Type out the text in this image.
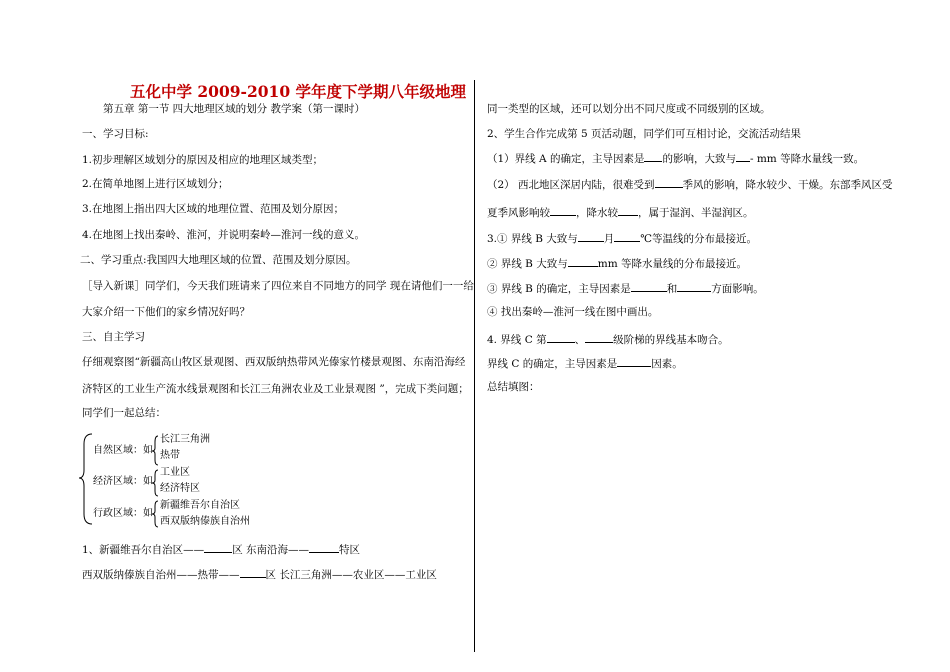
五化中学 2009-2010 学年度下学期八年级地理
第五章 第一节 四大地理区域的划分 教学案（第一课时）
一、学习目标:
1.初步理解区域划分的原因及相应的地理区域类型；
2.在简单地图上进行区域划分；
3.在地图上指出四大区域的地理位置、范围及划分原因；
4.在地图上找出秦岭、淮河，并说明秦岭—淮河一线的意义。
二、学习重点:我国四大地理区域的位置、范围及划分原因。
［导入新课］同学们，今天我们班请来了四位来自不同地方的同学 现在请他们一一给
大家介绍一下他们的家乡情况好吗？
三、自主学习
仔细观察图“新疆高山牧区景观图、西双版纳热带风光傣家竹楼景观图、东南沿海经
济特区的工业生产流水线景观图和长江三角洲农业及工业景观图 ”，完成下类问题；
同学们一起总结：
自然区域：如
经济区域：如
行政区域：如
长江三角洲
热带
工业区
经济特区
新疆维吾尔自治区
西双版纳傣族自治州
1、新疆维吾尔自治区——	区 东南沿海——	特区
西双版纳傣族自治州——热带—— 区 长江三角洲——农业区——工业区
同一类型的区域，还可以划分出不同尺度或不同级别的区域。
2、学生合作完成第 5 页活动题，同学们可互相讨论，交流活动结果
（1）界线 A 的确定，主导因素是 的影响，大致与 - mm 等降水量线一致。
（2） 西北地区深居内陆，很难受到	季风的影响，降水较少、干燥。东部季风区受
夏季风影响较 ，降水较 ，属于湿润、半湿润区。
3.① 界线 B 大致与 月 ℃等温线的分布最接近。
② 界线 B 大致与	mm 等降水量线的分布最接近。
③ 界线 B 的确定，主导因素是	和	方面影响。
④ 找出秦岭—淮河一线在图中画出。
4. 界线 C 第	、	级阶梯的界线基本吻合。
界线 C 的确定，主导因素是	因素。
总结填图：
